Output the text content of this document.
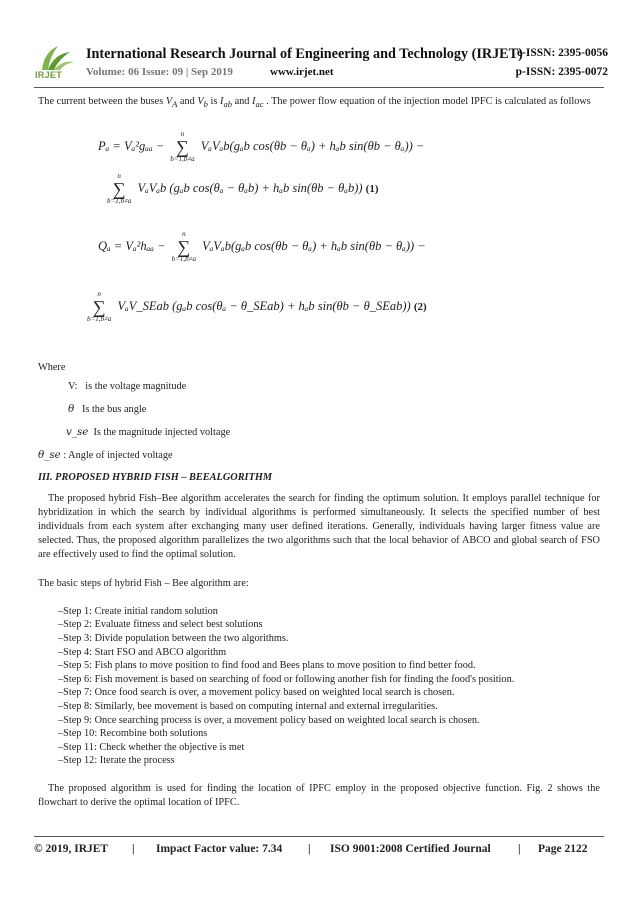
IRJET
International Research Journal of Engineering and Technology (IRJET)
e-ISSN: 2395-0056
Volume: 06 Issue: 09 | Sep 2019	www.irjet.net	p-ISSN: 2395-0072

The current between the buses $V_A$ and $V_b$ is $I_{ab}$ and $I_{ac}$ . The power flow equation of the injection model IPFC is calculated as follows

Pₐ = Vₐ²gₐₐ −
n
∑
b=1,b≠a
VₐVₐb(gₐb cos(θb − θₐ) + hₐb sin(θb − θₐ)) −
n
∑
b=1,b≠a
VₐVₐb (gₐb cos(θₐ − θₐb) + hₐb sin(θb − θₐb)) (1)
Qₐ = Vₐ²hₐₐ −
n
∑
b=1,b≠a
VₐVₐb(gₐb cos(θb − θₐ) + hₐb sin(θb − θₐ)) −
n
∑
b=1,b≠a
VₐV_SEab (gₐb cos(θₐ − θ_SEab) + hₐb sin(θb − θ_SEab)) (2)

Where

V: is the voltage magnitude

θ Is the bus angle

v_se Is the magnitude injected voltage

θ_se : Angle of injected voltage

III. PROPOSED HYBRID FISH – BEEALGORITHM

The proposed hybrid Fish–Bee algorithm accelerates the search for finding the optimum solution. It employs parallel technique for hybridization in which the search by individual algorithms is performed simultaneously. It selects the specified number of best individuals from each system after exchanging many user defined iterations. Generally, individuals having larger fitness value are selected. Thus, the proposed algorithm parallelizes the two algorithms such that the local behavior of ABCO and global search of FSO are effectively used to find the optimal solution.

The basic steps of hybrid Fish – Bee algorithm are:

–Step 1: Create initial random solution
–Step 2: Evaluate fitness and select best solutions
–Step 3: Divide population between the two algorithms.
–Step 4: Start FSO and ABCO algorithm
–Step 5: Fish plans to move position to find food and Bees plans to move position to find better food.
–Step 6: Fish movement is based on searching of food or following another fish for finding the food's position.
–Step 7: Once food search is over, a movement policy based on weighted local search is chosen.
–Step 8: Similarly, bee movement is based on computing internal and external irregularities.
–Step 9: Once searching process is over, a movement policy based on weighted local search is chosen.
–Step 10: Recombine both solutions
–Step 11: Check whether the objective is met
–Step 12: Iterate the process

The proposed algorithm is used for finding the location of IPFC employ in the proposed objective function. Fig. 2 shows the flowchart to derive the optimal location of IPFC.

© 2019, IRJET | Impact Factor value: 7.34 | ISO 9001:2008 Certified Journal | Page 2122
